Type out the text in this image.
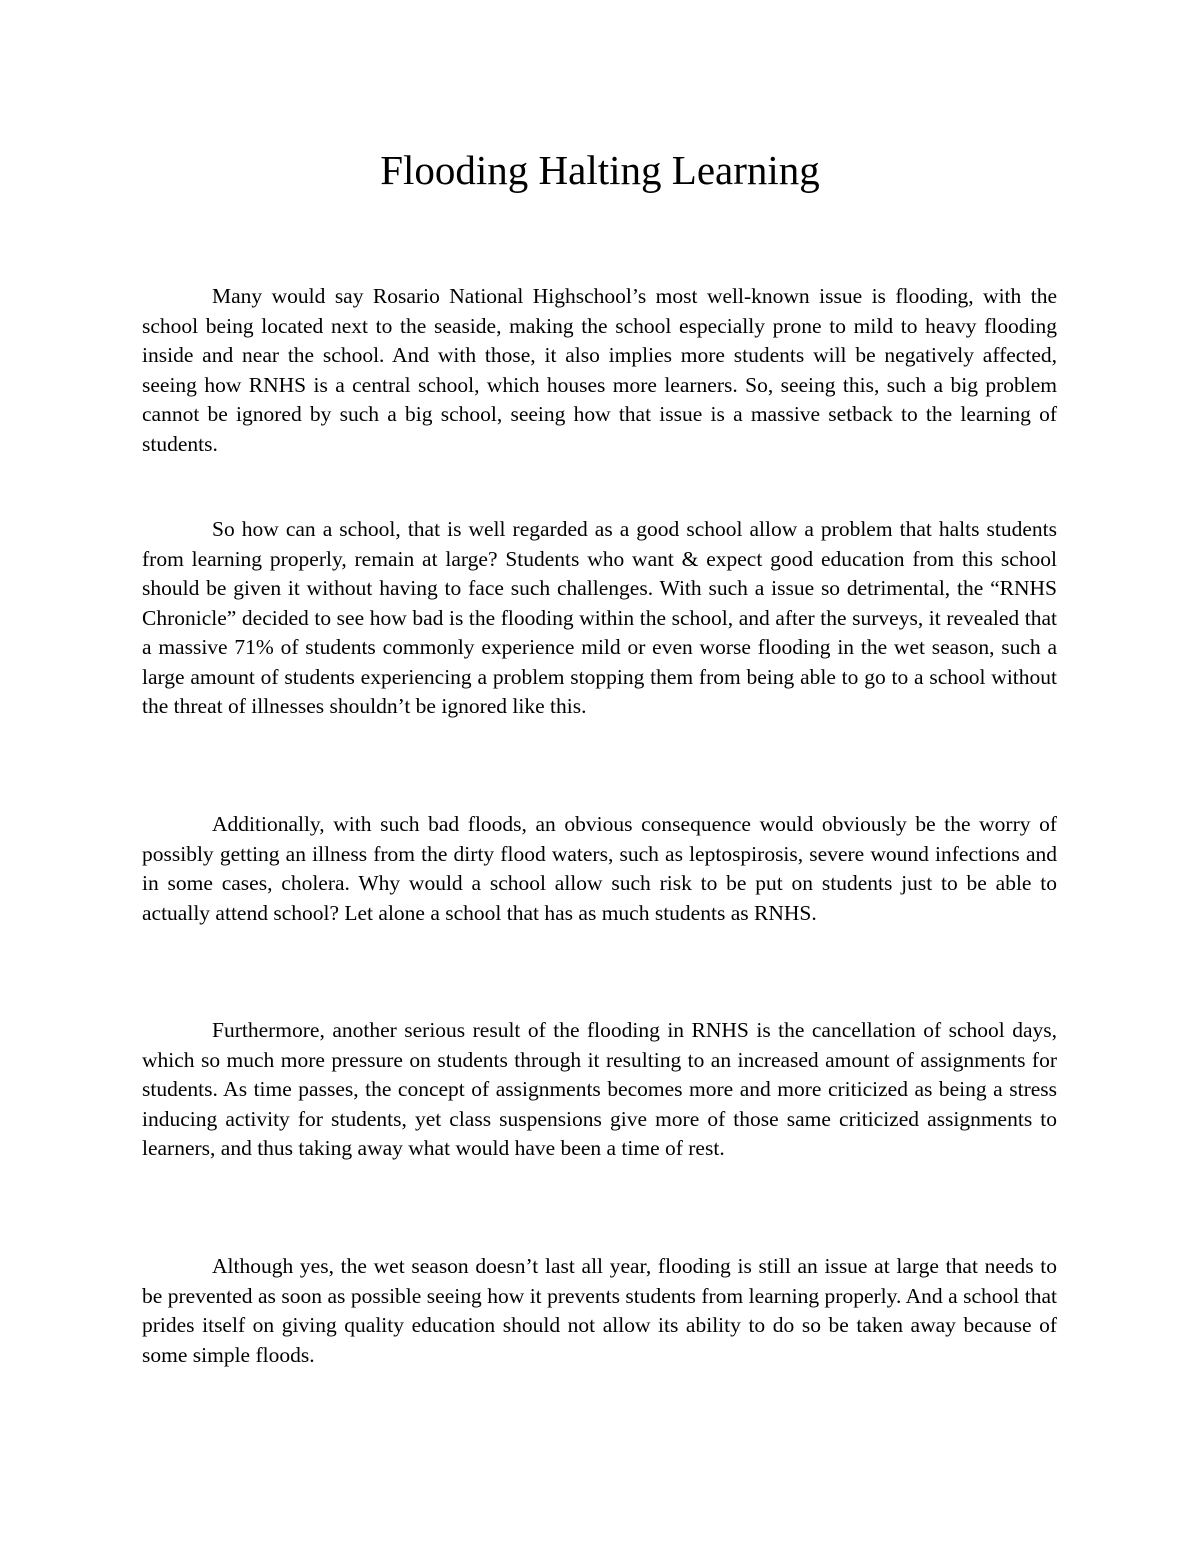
Flooding Halting Learning

Many would say Rosario National Highschool’s most well-known issue is flooding, with the school being located next to the seaside, making the school especially prone to mild to heavy flooding inside and near the school. And with those, it also implies more students will be negatively affected, seeing how RNHS is a central school, which houses more learners. So, seeing this, such a big problem cannot be ignored by such a big school, seeing how that issue is a massive setback to the learning of students.

So how can a school, that is well regarded as a good school allow a problem that halts students from learning properly, remain at large? Students who want & expect good education from this school should be given it without having to face such challenges. With such a issue so detrimental, the “RNHS Chronicle” decided to see how bad is the flooding within the school, and after the surveys, it revealed that a massive 71% of students commonly experience mild or even worse flooding in the wet season, such a large amount of students experiencing a problem stopping them from being able to go to a school without the threat of illnesses shouldn’t be ignored like this.

Additionally, with such bad floods, an obvious consequence would obviously be the worry of possibly getting an illness from the dirty flood waters, such as leptospirosis, severe wound infections and in some cases, cholera. Why would a school allow such risk to be put on students just to be able to actually attend school? Let alone a school that has as much students as RNHS.

Furthermore, another serious result of the flooding in RNHS is the cancellation of school days, which so much more pressure on students through it resulting to an increased amount of assignments for students. As time passes, the concept of assignments becomes more and more criticized as being a stress inducing activity for students, yet class suspensions give more of those same criticized assignments to learners, and thus taking away what would have been a time of rest.

Although yes, the wet season doesn’t last all year, flooding is still an issue at large that needs to be prevented as soon as possible seeing how it prevents students from learning properly. And a school that prides itself on giving quality education should not allow its ability to do so be taken away because of some simple floods.
